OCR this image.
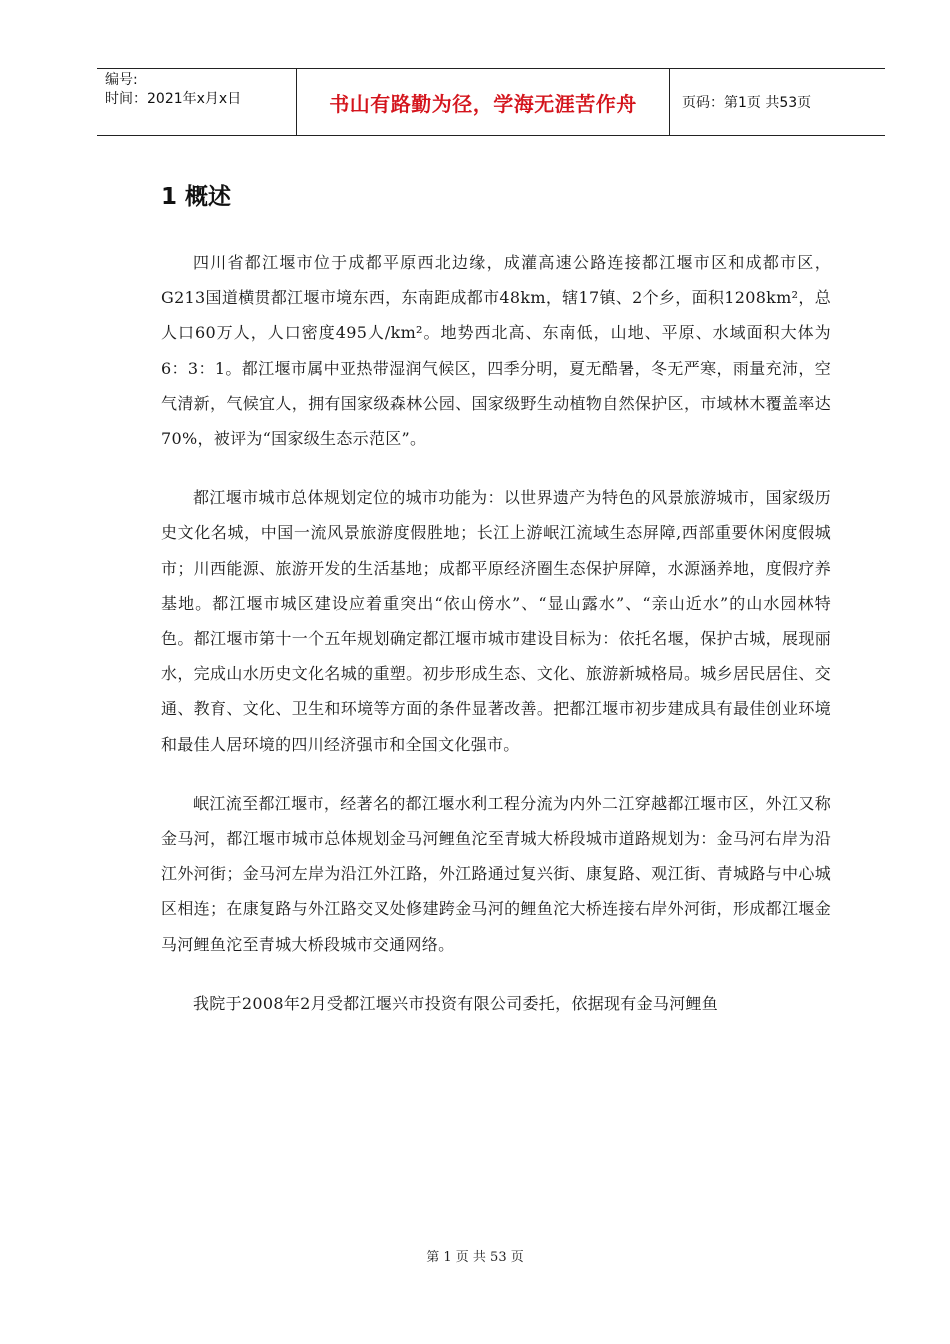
编号:
时间：2021年x月x日	书山有路勤为径，学海无涯苦作舟	页码：第1页 共53页
1 概述

四川省都江堰市位于成都平原西北边缘，成灌高速公路连接都江堰市区和成都市区，G213国道横贯都江堰市境东西，东南距成都市48km，辖17镇、2个乡，面积1208km²，总人口60万人，人口密度495人/km²。地势西北高、东南低，山地、平原、水域面积大体为6：3：1。都江堰市属中亚热带湿润气候区，四季分明，夏无酷暑，冬无严寒，雨量充沛，空气清新，气候宜人，拥有国家级森林公园、国家级野生动植物自然保护区，市域林木覆盖率达70%，被评为“国家级生态示范区”。

都江堰市城市总体规划定位的城市功能为：以世界遗产为特色的风景旅游城市，国家级历史文化名城，中国一流风景旅游度假胜地；长江上游岷江流域生态屏障,西部重要休闲度假城市；川西能源、旅游开发的生活基地；成都平原经济圈生态保护屏障，水源涵养地，度假疗养基地。都江堰市城区建设应着重突出“依山傍水”、“显山露水”、“亲山近水”的山水园林特色。都江堰市第十一个五年规划确定都江堰市城市建设目标为：依托名堰，保护古城，展现丽水，完成山水历史文化名城的重塑。初步形成生态、文化、旅游新城格局。城乡居民居住、交通、教育、文化、卫生和环境等方面的条件显著改善。把都江堰市初步建成具有最佳创业环境和最佳人居环境的四川经济强市和全国文化强市。

岷江流至都江堰市，经著名的都江堰水利工程分流为内外二江穿越都江堰市区，外江又称金马河，都江堰市城市总体规划金马河鲤鱼沱至青城大桥段城市道路规划为：金马河右岸为沿江外河街；金马河左岸为沿江外江路，外江路通过复兴街、康复路、观江街、青城路与中心城区相连；在康复路与外江路交叉处修建跨金马河的鲤鱼沱大桥连接右岸外河街，形成都江堰金马河鲤鱼沱至青城大桥段城市交通网络。

我院于2008年2月受都江堰兴市投资有限公司委托，依据现有金马河鲤鱼

第 1 页 共 53 页
